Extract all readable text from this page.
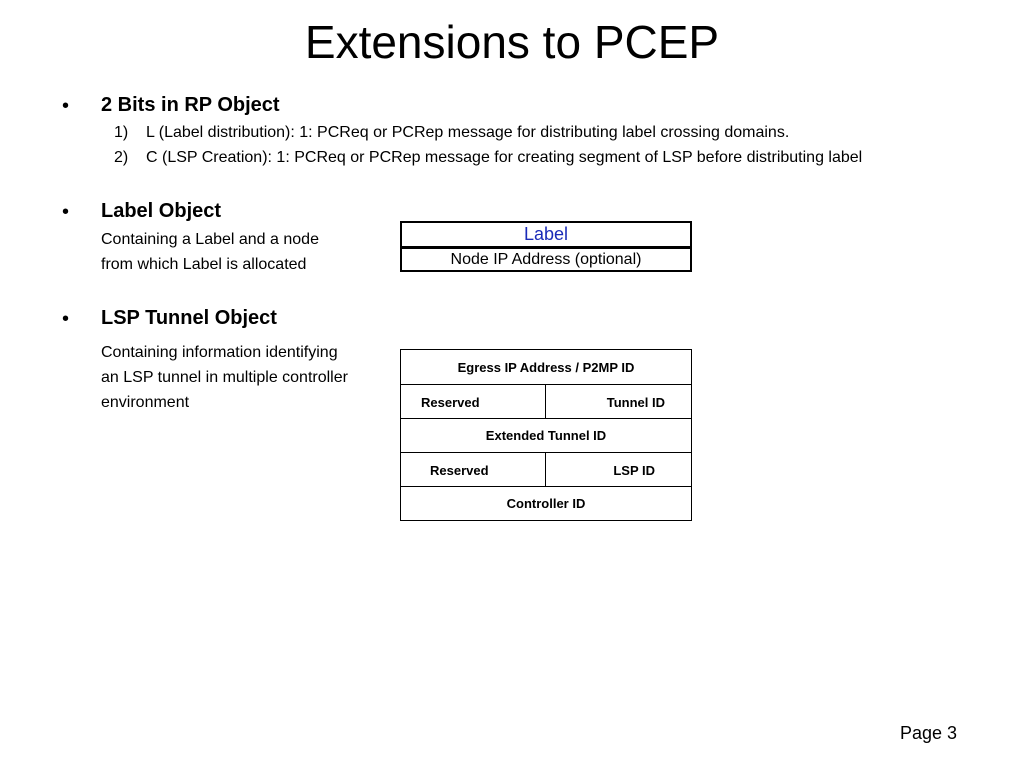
Extensions to PCEP
• 2 Bits in RP Object
1) L (Label distribution): 1: PCReq or PCRep message for distributing label crossing domains.
2) C (LSP Creation): 1: PCReq or PCRep message for creating segment of LSP before distributing label
• Label Object
Containing a Label and a node
from which Label is allocated
Label
Node IP Address (optional)
• LSP Tunnel Object
Containing information identifying
an LSP tunnel in multiple controller
environment
Egress IP Address / P2MP ID
Reserved	Tunnel ID
Extended Tunnel ID
Reserved	LSP ID
Controller ID
Page 3
